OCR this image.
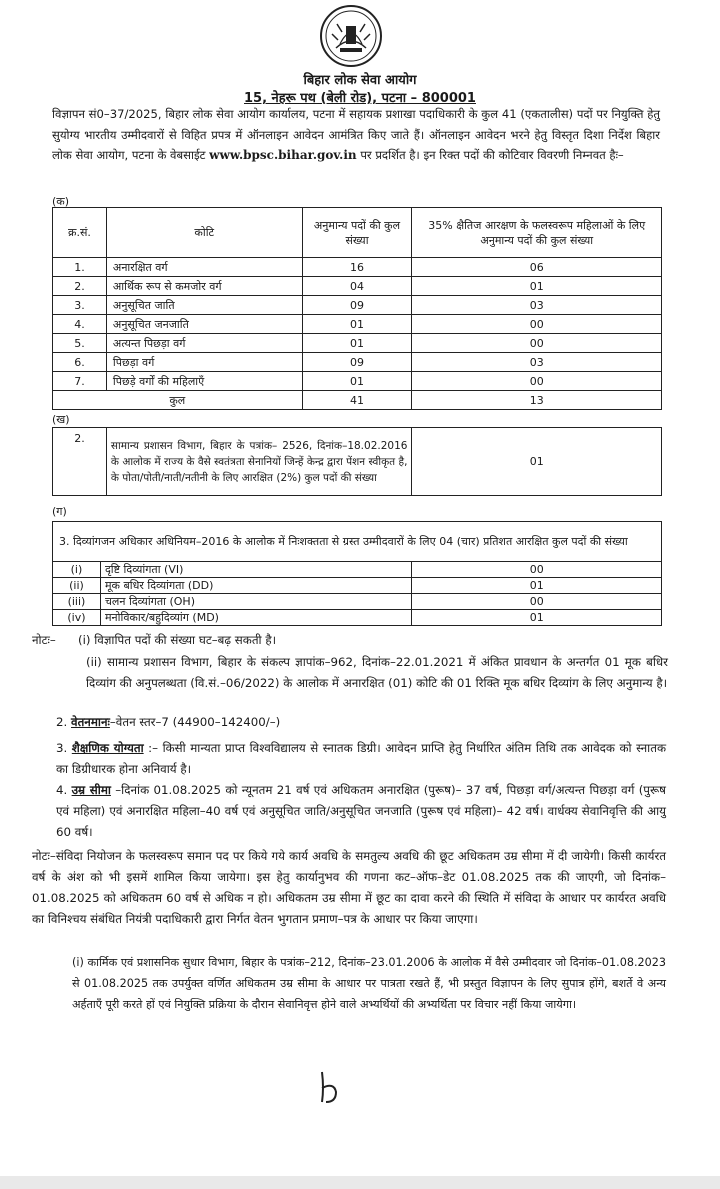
बिहार लोक सेवा आयोग
15, नेहरू पथ (बेली रोड), पटना – 800001
विज्ञापन सं0–37/2025, बिहार लोक सेवा आयोग कार्यालय, पटना में सहायक प्रशाखा पदाधिकारी के कुल 41 (एकतालीस) पदों पर नियुक्ति हेतु सुयोग्य भारतीय उम्मीदवारों से विहित प्रपत्र में ऑनलाइन आवेदन आमंत्रित किए जाते हैं। ऑनलाइन आवेदन भरने हेतु विस्तृत दिशा निर्देश बिहार लोक सेवा आयोग, पटना के वेबसाईट www.bpsc.bihar.gov.in पर प्रदर्शित है। इन रिक्त पदों की कोटिवार विवरणी निम्नवत हैः–
(क)
क्र.सं.	कोटि	अनुमान्य पदों की कुल संख्या	35% क्षैतिज आरक्षण के फलस्वरूप महिलाओं के लिए अनुमान्य पदों की कुल संख्या
1.	अनारक्षित वर्ग	16	06
2.	आर्थिक रूप से कमजोर वर्ग	04	01
3.	अनुसूचित जाति	09	03
4.	अनुसूचित जनजाति	01	00
5.	अत्यन्त पिछड़ा वर्ग	01	00
6.	पिछड़ा वर्ग	09	03
7.	पिछड़े वर्गों की महिलाएँ	01	00
कुल		41	13
(ख)
2.	सामान्य प्रशासन विभाग, बिहार के पत्रांक– 2526, दिनांक–18.02.2016 के आलोक में राज्य के वैसे स्वतंत्रता सेनानियों जिन्हें केन्द्र द्वारा पेंशन स्वीकृत है, के पोता/पोती/नाती/नतीनी के लिए आरक्षित (2%) कुल पदों की संख्या	01
(ग)
3. दिव्यांगजन अधिकार अधिनियम–2016 के आलोक में निःशक्तता से ग्रस्त उम्मीदवारों के लिए 04 (चार) प्रतिशत आरक्षित कुल पदों की संख्या		
(i)	दृष्टि दिव्यांगता (VI)	00
(ii)	मूक बधिर दिव्यांगता (DD)	01
(iii)	चलन दिव्यांगता (OH)	00
(iv)	मनोविकार/बहुदिव्यांग (MD)	01
नोटः– (i) विज्ञापित पदों की संख्या घट–बढ़ सकती है।
(ii) सामान्य प्रशासन विभाग, बिहार के संकल्प ज्ञापांक–962, दिनांक–22.01.2021 में अंकित प्रावधान के अन्तर्गत 01 मूक बधिर दिव्यांग की अनुपलब्धता (वि.सं.–06/2022) के आलोक में अनारक्षित (01) कोटि की 01 रिक्ति मूक बधिर दिव्यांग के लिए अनुमान्य है।
2. वेतनमानः–वेतन स्तर–7 (44900–142400/–)
3. शैक्षणिक योग्यता :– किसी मान्यता प्राप्त विश्वविद्यालय से स्नातक डिग्री। आवेदन प्राप्ति हेतु निर्धारित अंतिम तिथि तक आवेदक को स्नातक का डिग्रीधारक होना अनिवार्य है।
4. उम्र सीमा –दिनांक 01.08.2025 को न्यूनतम 21 वर्ष एवं अधिकतम अनारक्षित (पुरूष)– 37 वर्ष, पिछड़ा वर्ग/अत्यन्त पिछड़ा वर्ग (पुरूष एवं महिला) एवं अनारक्षित महिला–40 वर्ष एवं अनुसूचित जाति/अनुसूचित जनजाति (पुरूष एवं महिला)– 42 वर्ष। वार्धक्य सेवानिवृत्ति की आयु 60 वर्ष।
नोटः–संविदा नियोजन के फलस्वरूप समान पद पर किये गये कार्य अवधि के समतुल्य अवधि की छूट अधिकतम उम्र सीमा में दी जायेगी। किसी कार्यरत वर्ष के अंश को भी इसमें शामिल किया जायेगा। इस हेतु कार्यानुभव की गणना कट–ऑफ–डेट 01.08.2025 तक की जाएगी, जो दिनांक–01.08.2025 को अधिकतम 60 वर्ष से अधिक न हो। अधिकतम उम्र सीमा में छूट का दावा करने की स्थिति में संविदा के आधार पर कार्यरत अवधि का विनिश्चय संबंधित नियंत्री पदाधिकारी द्वारा निर्गत वेतन भुगतान प्रमाण–पत्र के आधार पर किया जाएगा।
(i) कार्मिक एवं प्रशासनिक सुधार विभाग, बिहार के पत्रांक–212, दिनांक–23.01.2006 के आलोक में वैसे उम्मीदवार जो दिनांक–01.08.2023 से 01.08.2025 तक उपर्युक्त वर्णित अधिकतम उम्र सीमा के आधार पर पात्रता रखते हैं, भी प्रस्तुत विज्ञापन के लिए सुपात्र होंगे, बशर्ते वे अन्य अर्हताएँ पूरी करते हों एवं नियुक्ति प्रक्रिया के दौरान सेवानिवृत्त होने वाले अभ्यर्थियों की अभ्यर्थिता पर विचार नहीं किया जायेगा।
